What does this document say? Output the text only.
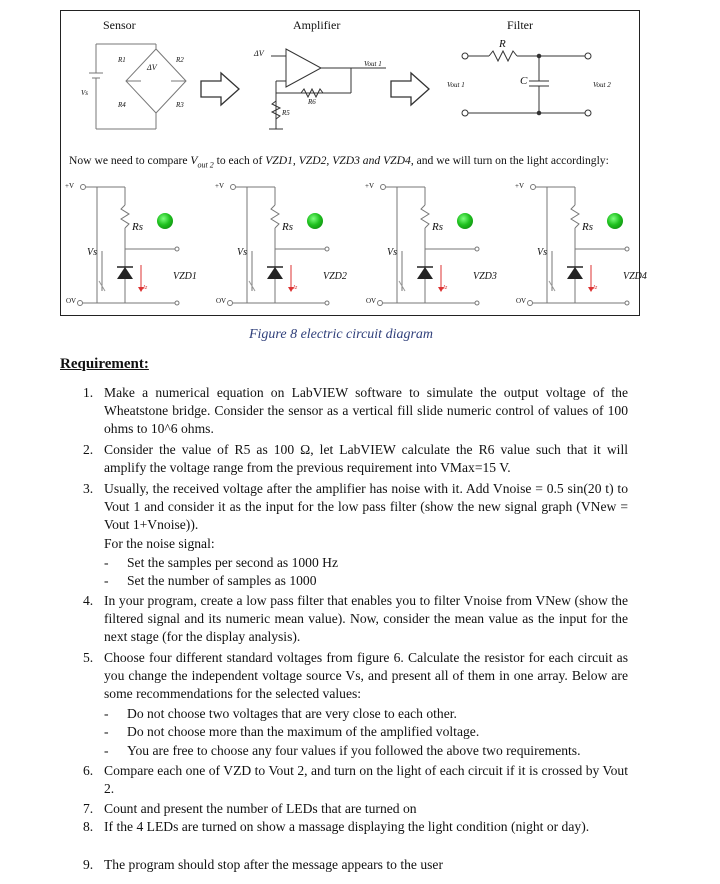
Sensor	Amplifier	Filter
ΔV
R1	R2
R3
R4
Vs
ΔV
R6
R5
Vout 1
Vout 1
R
C	Vout 2
Now we need to compare $V_{out 2}$ to each of VZD1, VZD2, VZD3 and VZD4, and we will turn on the light accordingly:
+V
OV
Rs
Vs
Iz
VZD1
+V
OV
Rs
Vs
Iz
VZD2
+V
OV
Rs
Vs
Iz
VZD3
+V
OV
Rs
Vs
Iz
VZD4
Figure 8 electric circuit diagram
Requirement:
1. Make a numerical equation on LabVIEW software to simulate the output voltage of the Wheatstone bridge. Consider the sensor as a vertical fill slide numeric control of values of 100 ohms to 10^6 ohms.
2. Consider the value of R5 as 100 Ω, let LabVIEW calculate the R6 value such that it will amplify the voltage range from the previous requirement into VMax=15 V.
3. Usually, the received voltage after the amplifier has noise with it. Add Vnoise = 0.5 sin(20 t) to Vout 1 and consider it as the input for the low pass filter (show the new signal graph (VNew = Vout 1+Vnoise)).
For the noise signal:
- Set the samples per second as 1000 Hz
- Set the number of samples as 1000
4. In your program, create a low pass filter that enables you to filter Vnoise from VNew (show the filtered signal and its numeric mean value). Now, consider the mean value as the input for the next stage (for the display analysis).
5. Choose four different standard voltages from figure 6. Calculate the resistor for each circuit as you change the independent voltage source Vs, and present all of them in one array. Below are some recommendations for the selected values:
- Do not choose two voltages that are very close to each other.
- Do not choose more than the maximum of the amplified voltage.
- You are free to choose any four values if you followed the above two requirements.
6. Compare each one of VZD to Vout 2, and turn on the light of each circuit if it is crossed by Vout 2.
7. Count and present the number of LEDs that are turned on
8. If the 4 LEDs are turned on show a massage displaying the light condition (night or day).
9. The program should stop after the message appears to the user
